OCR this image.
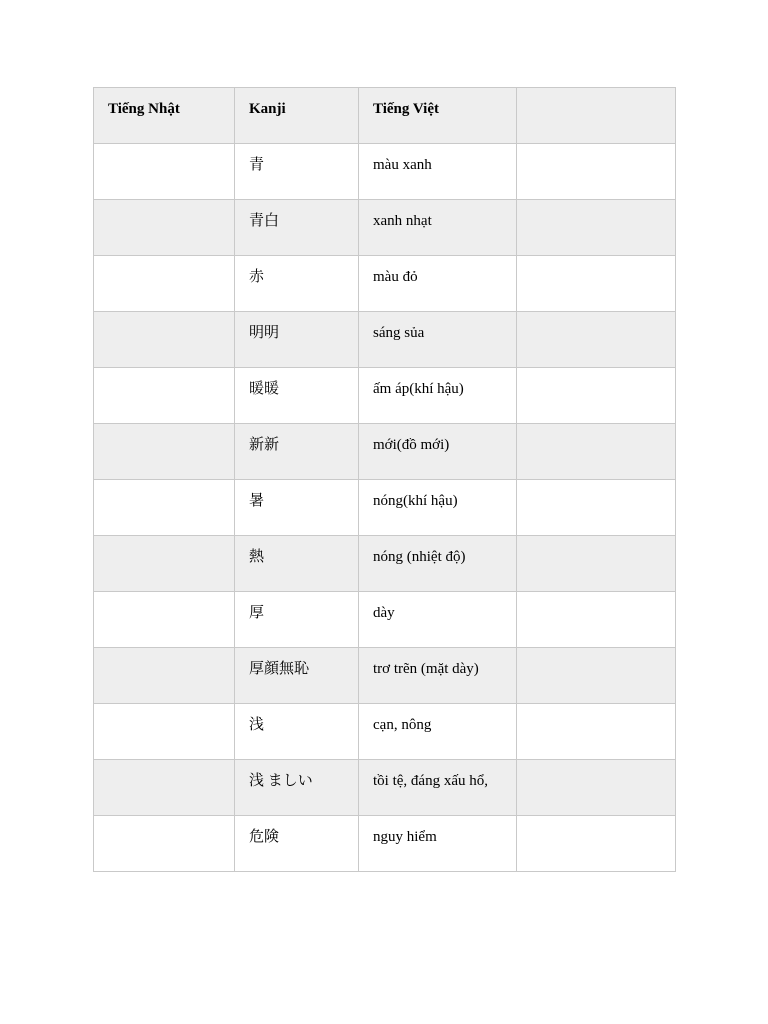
Tiếng Nhật	Kanji	Tiếng Việt	
	青	màu xanh	
	青白	xanh nhạt	
	赤	màu đỏ	
	明明	sáng sủa	
	暖暖	ấm áp(khí hậu)	
	新新	mới(đồ mới)	
	暑	nóng(khí hậu)	
	熱	nóng (nhiệt độ)	
	厚	dày	
	厚顔無恥	trơ trẽn (mặt dày)	
	浅	cạn, nông	
	浅 ましい	tồi tệ, đáng xấu hổ,	
	危険	nguy hiểm	
